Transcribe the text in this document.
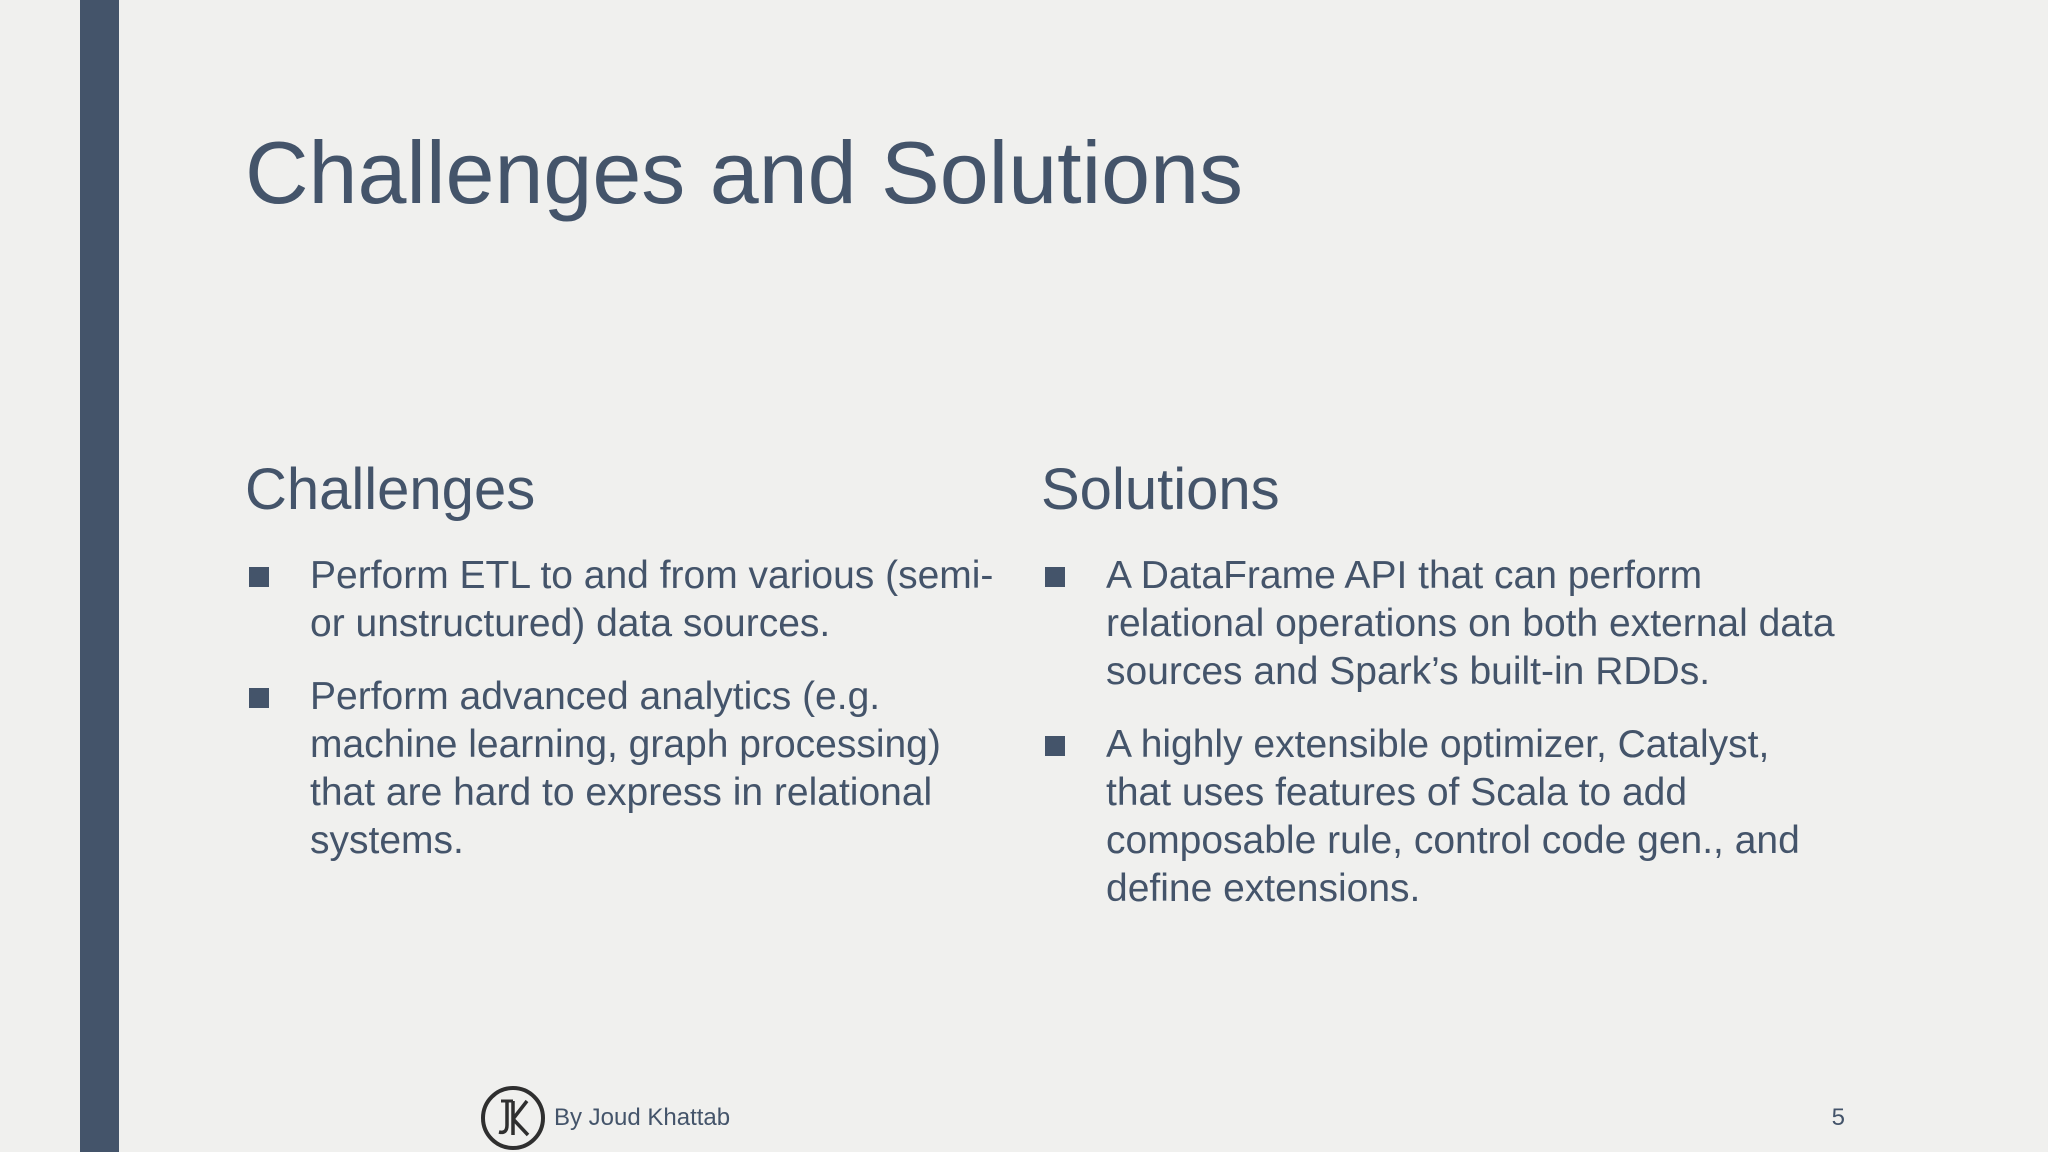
Challenges and Solutions
Challenges
Perform ETL to and from various (semi- or unstructured) data sources.
Perform advanced analytics (e.g. machine learning, graph processing) that are hard to express in relational systems.
Solutions
A DataFrame API that can perform relational operations on both external data sources and Spark’s built-in RDDs.
A highly extensible optimizer, Catalyst, that uses features of Scala to add composable rule, control code gen., and define extensions.
By Joud Khattab	5
